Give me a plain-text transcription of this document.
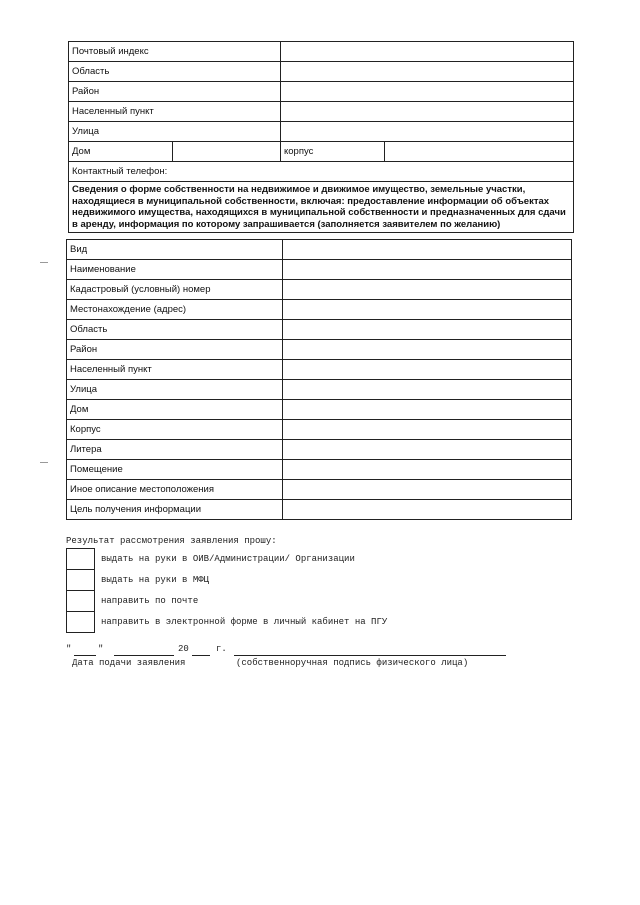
Почтовый индекс			
Область			
Район			
Населенный пункт			
Улица			
Дом		корпус	
Контактный телефон:			
Сведения о форме собственности на недвижимое и движимое имущество, земельные участки, находящиеся в муниципальной собственности, включая: предоставление информации об объектах недвижимого имущества, находящихся в муниципальной собственности и предназначенных для сдачи в аренду, информация по которому запрашивается (заполняется заявителем по желанию)			
Вид	
Наименование	
Кадастровый (условный) номер	
Местонахождение (адрес)	
Область	
Район	
Населенный пункт	
Улица	
Дом	
Корпус	
Литера	
Помещение	
Иное описание местоположения	
Цель получения информации	
Результат рассмотрения заявления прошу:
	выдать на руки в ОИВ/Администрации/ Организации
	выдать на руки в МФЦ
	направить по почте
	направить в электронной форме в личный кабинет на ПГУ
"	"	20	г.
Дата подачи заявления	(собственноручная подпись физического лица)
